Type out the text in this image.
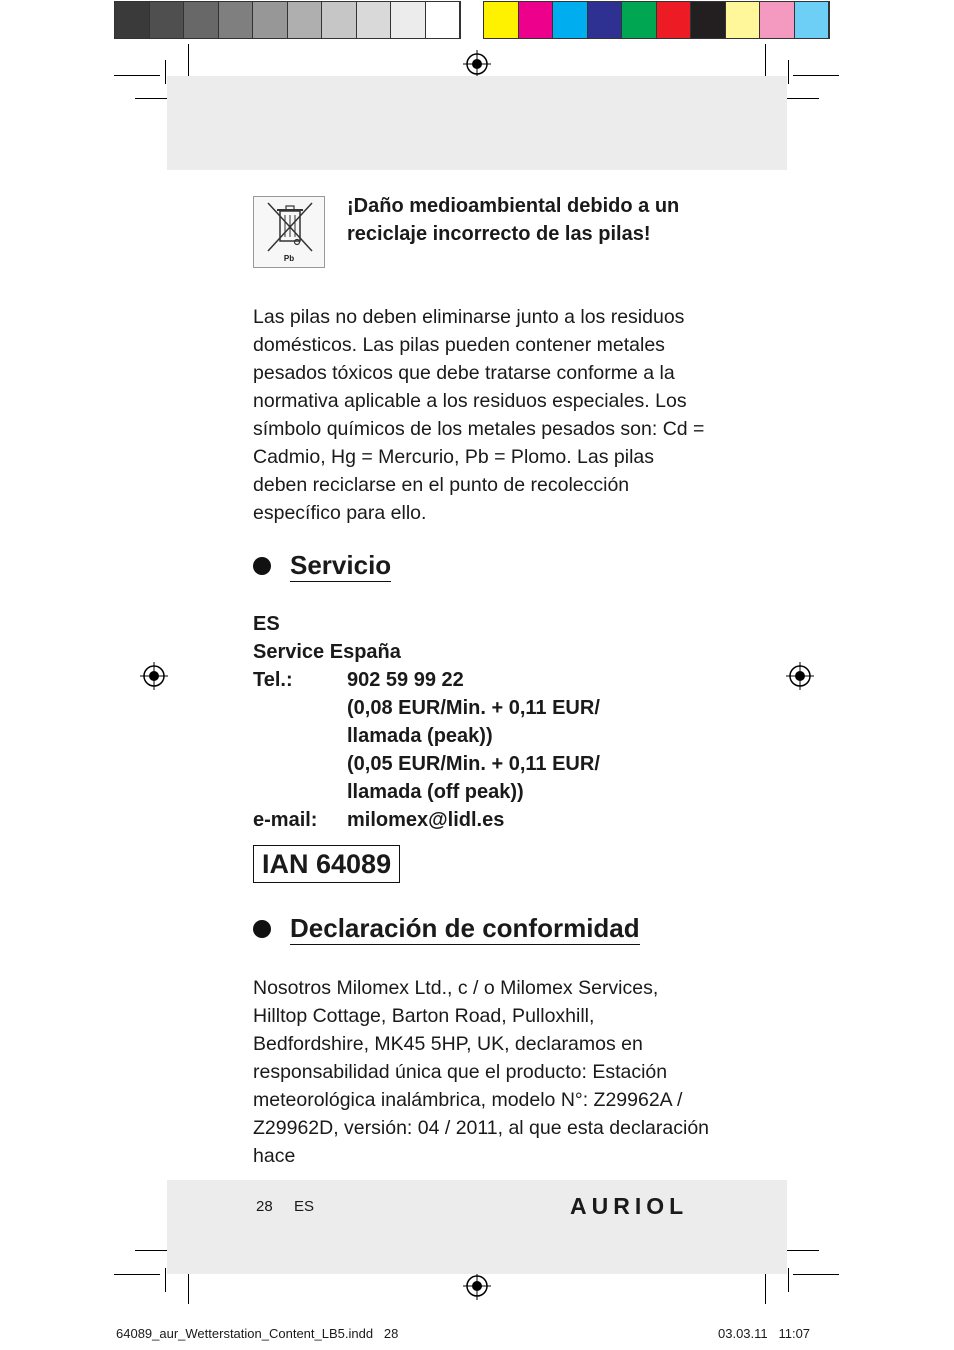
Pb
¡Daño medioambiental debido a un reciclaje incorrecto de las pilas!
Las pilas no deben eliminarse junto a los residuos domésticos. Las pilas pueden contener metales pesados tóxicos que debe tratarse conforme a la normativa aplicable a los residuos especiales. Los símbolo químicos de los metales pesados son: Cd = Cadmio, Hg = Mercurio, Pb = Plomo. Las pilas deben reciclarse en el punto de recolección específico para ello.
Servicio
ES
Service España
Tel.:	902 59 99 22
(0,08 EUR/Min. + 0,11 EUR/
llamada (peak))
(0,05 EUR/Min. + 0,11 EUR/
llamada (off peak))
e-mail:	milomex@lidl.es
IAN 64089
Declaración de conformidad
Nosotros Milomex Ltd., c / o Milomex Services, Hilltop Cottage, Barton Road, Pulloxhill, Bedfordshire, MK45 5HP, UK, declaramos en responsabilidad única que el producto: Estación meteorológica inalámbrica, modelo N°: Z29962A / Z29962D, versión: 04 / 2011, al que esta declaración hace
28 ES	AURIOL
64089_aur_Wetterstation_Content_LB5.indd   28	03.03.11   11:07
